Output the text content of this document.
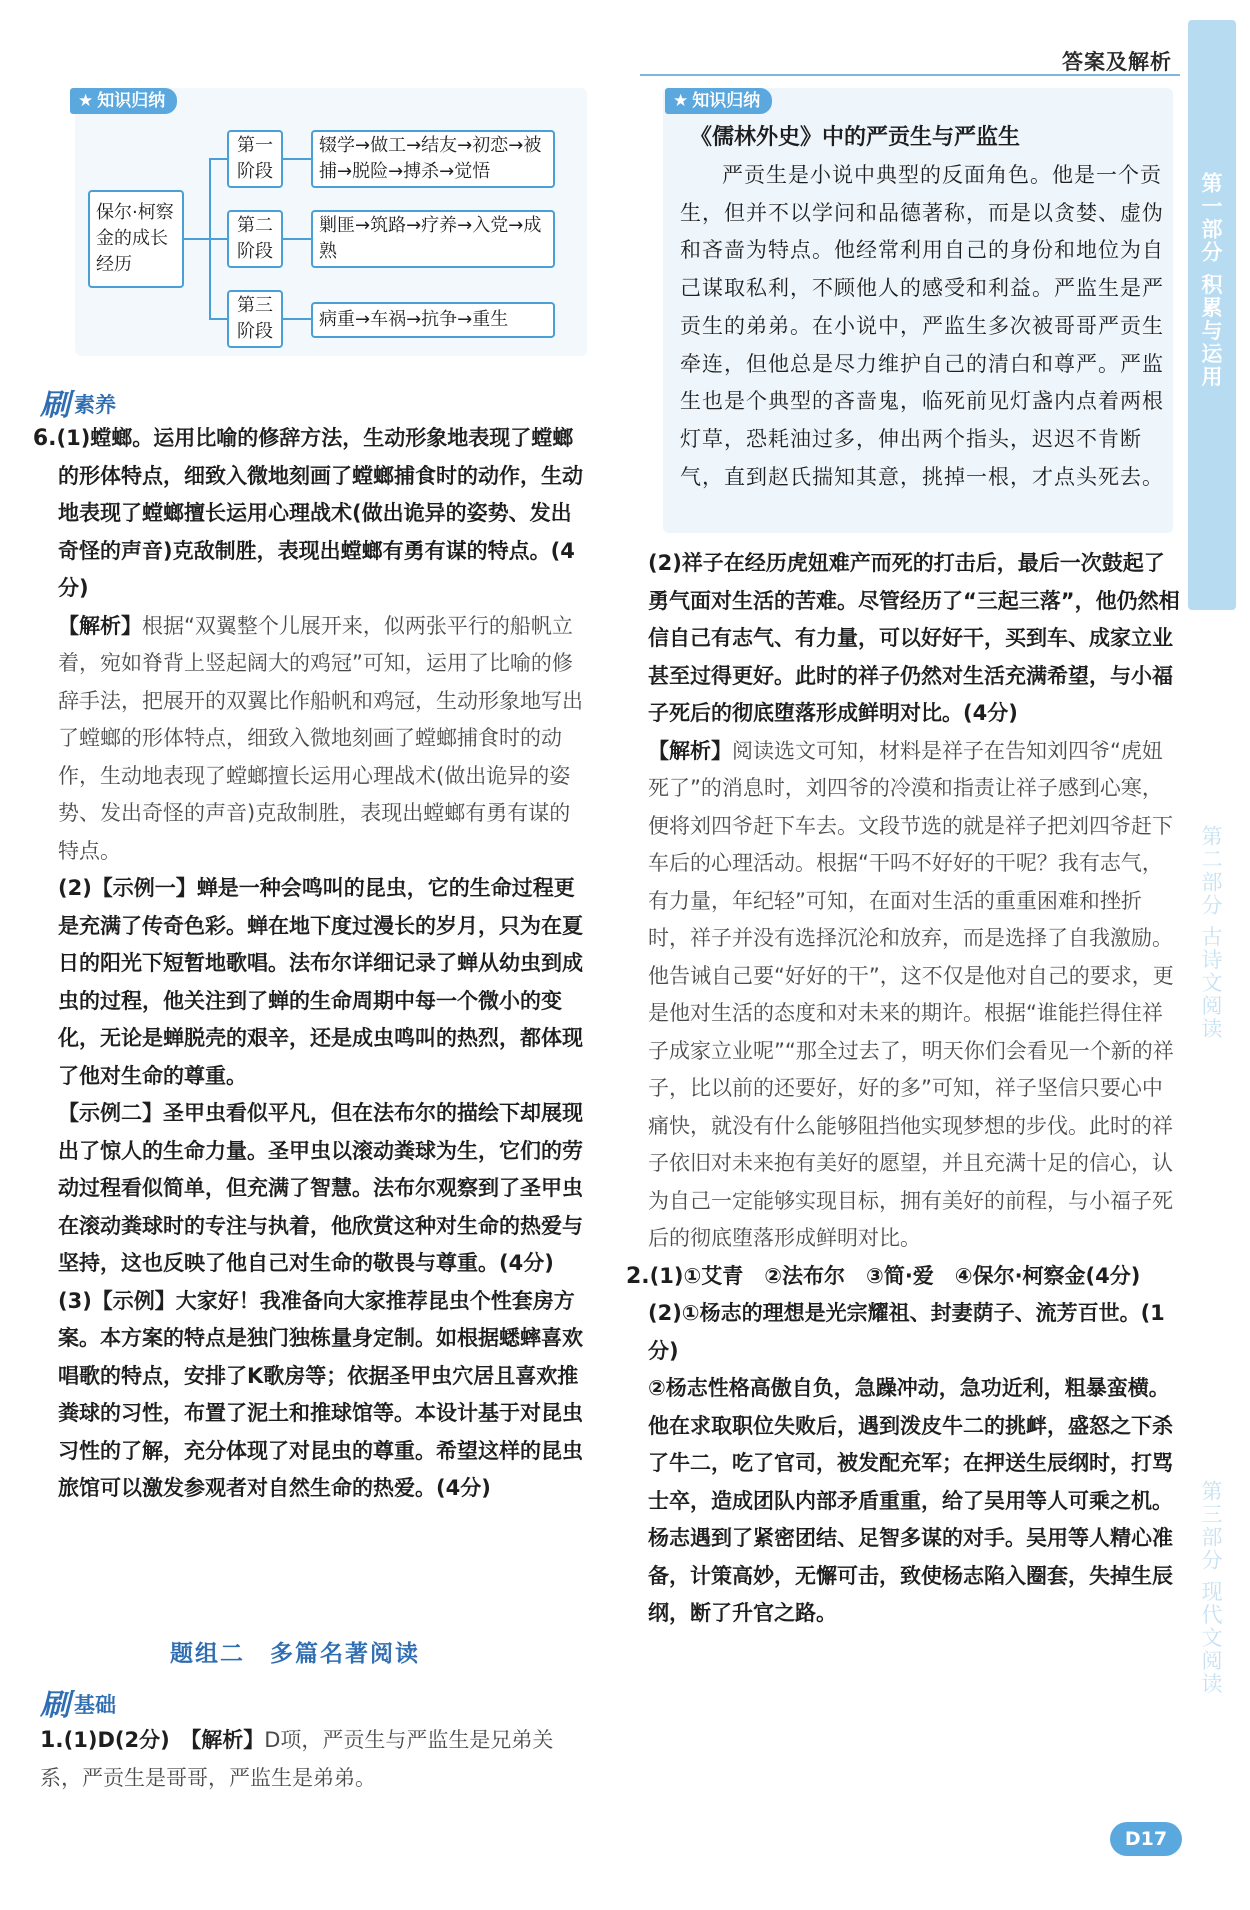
答案及解析
第一部分 积累与运用
第二部分 古诗文阅读
第三部分 现代文阅读
★ 知识归纳
保尔·柯察金的成长经历
第一阶段
辍学→做工→结友→初恋→被捕→脱险→搏杀→觉悟
第二阶段
剿匪→筑路→疗养→入党→成熟
第三阶段
病重→车祸→抗争→重生
★ 知识归纳
《儒林外史》中的严贡生与严监生
严贡生是小说中典型的反面角色。他是一个贡生，但并不以学问和品德著称，而是以贪婪、虚伪和吝啬为特点。他经常利用自己的身份和地位为自己谋取私利，不顾他人的感受和利益。严监生是严贡生的弟弟。在小说中，严监生多次被哥哥严贡生牵连，但他总是尽力维护自己的清白和尊严。严监生也是个典型的吝啬鬼，临死前见灯盏内点着两根灯草，恐耗油过多，伸出两个指头，迟迟不肯断气，直到赵氏揣知其意，挑掉一根，才点头死去。
刷 素养

6.(1)螳螂。运用比喻的修辞方法，生动形象地表现了螳螂的形体特点，细致入微地刻画了螳螂捕食时的动作，生动地表现了螳螂擅长运用心理战术(做出诡异的姿势、发出奇怪的声音)克敌制胜，表现出螳螂有勇有谋的特点。(4分)

【解析】根据“双翼整个儿展开来，似两张平行的船帆立着，宛如脊背上竖起阔大的鸡冠”可知，运用了比喻的修辞手法，把展开的双翼比作船帆和鸡冠，生动形象地写出了螳螂的形体特点，细致入微地刻画了螳螂捕食时的动作，生动地表现了螳螂擅长运用心理战术(做出诡异的姿势、发出奇怪的声音)克敌制胜，表现出螳螂有勇有谋的特点。

(2)【示例一】蝉是一种会鸣叫的昆虫，它的生命过程更是充满了传奇色彩。蝉在地下度过漫长的岁月，只为在夏日的阳光下短暂地歌唱。法布尔详细记录了蝉从幼虫到成虫的过程，他关注到了蝉的生命周期中每一个微小的变化，无论是蝉脱壳的艰辛，还是成虫鸣叫的热烈，都体现了他对生命的尊重。

【示例二】圣甲虫看似平凡，但在法布尔的描绘下却展现出了惊人的生命力量。圣甲虫以滚动粪球为生，它们的劳动过程看似简单，但充满了智慧。法布尔观察到了圣甲虫在滚动粪球时的专注与执着，他欣赏这种对生命的热爱与坚持，这也反映了他自己对生命的敬畏与尊重。(4分)

(3)【示例】大家好！我准备向大家推荐昆虫个性套房方案。本方案的特点是独门独栋量身定制。如根据蟋蟀喜欢唱歌的特点，安排了K歌房等；依据圣甲虫穴居且喜欢推粪球的习性，布置了泥土和推球馆等。本设计基于对昆虫习性的了解，充分体现了对昆虫的尊重。希望这样的昆虫旅馆可以激发参观者对自然生命的热爱。(4分)

题组二　多篇名著阅读
刷 基础

1.(1)D(2分)　 【解析】D项，严贡生与严监生是兄弟关系，严贡生是哥哥，严监生是弟弟。

(2)祥子在经历虎妞难产而死的打击后，最后一次鼓起了勇气面对生活的苦难。尽管经历了“三起三落”，他仍然相信自己有志气、有力量，可以好好干，买到车、成家立业甚至过得更好。此时的祥子仍然对生活充满希望，与小福子死后的彻底堕落形成鲜明对比。(4分)

【解析】阅读选文可知，材料是祥子在告知刘四爷“虎妞死了”的消息时，刘四爷的冷漠和指责让祥子感到心寒，便将刘四爷赶下车去。文段节选的就是祥子把刘四爷赶下车后的心理活动。根据“干吗不好好的干呢？我有志气，有力量，年纪轻”可知，在面对生活的重重困难和挫折时，祥子并没有选择沉沦和放弃，而是选择了自我激励。他告诫自己要“好好的干”，这不仅是他对自己的要求，更是他对生活的态度和对未来的期许。根据“谁能拦得住祥子成家立业呢”“那全过去了，明天你们会看见一个新的祥子，比以前的还要好，好的多”可知，祥子坚信只要心中痛快，就没有什么能够阻挡他实现梦想的步伐。此时的祥子依旧对未来抱有美好的愿望，并且充满十足的信心，认为自己一定能够实现目标，拥有美好的前程，与小福子死后的彻底堕落形成鲜明对比。

2.(1)①艾青　②法布尔　③简·爱　④保尔·柯察金(4分)

(2)①杨志的理想是光宗耀祖、封妻荫子、流芳百世。(1分)

②杨志性格高傲自负，急躁冲动，急功近利，粗暴蛮横。他在求取职位失败后，遇到泼皮牛二的挑衅，盛怒之下杀了牛二，吃了官司，被发配充军；在押送生辰纲时，打骂士卒，造成团队内部矛盾重重，给了吴用等人可乘之机。

杨志遇到了紧密团结、足智多谋的对手。吴用等人精心准备，计策高妙，无懈可击，致使杨志陷入圈套，失掉生辰纲，断了升官之路。

D17
